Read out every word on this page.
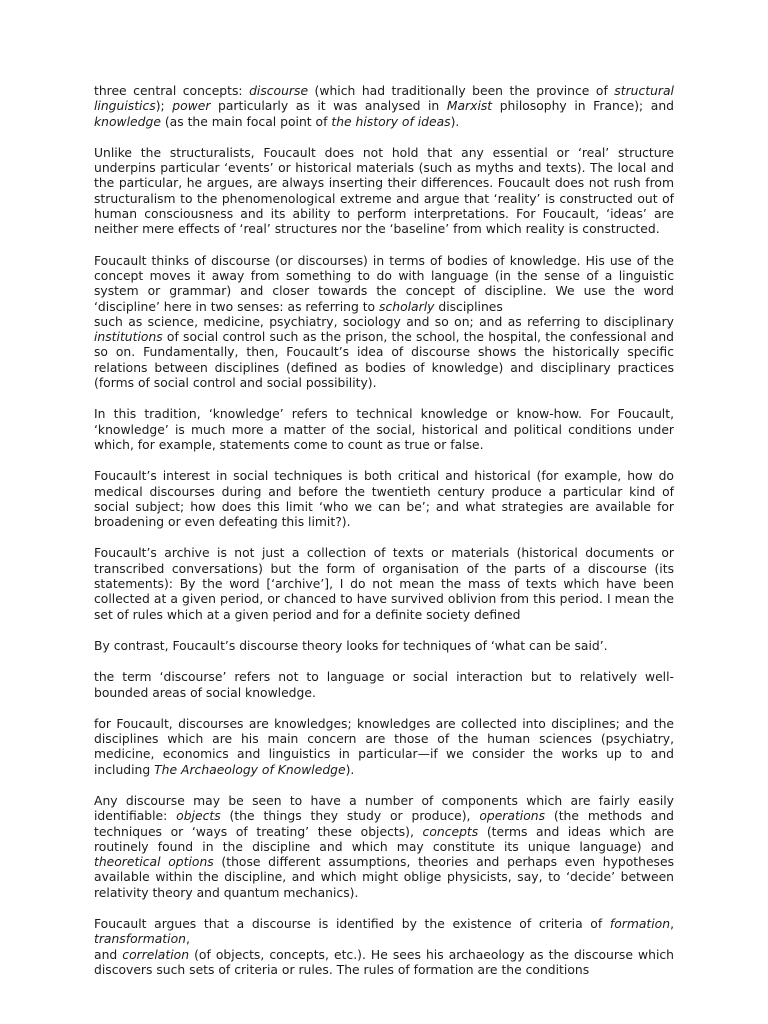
three central concepts: discourse (which had traditionally been the province of structural linguistics); power particularly as it was analysed in Marxist philosophy in France); and knowledge (as the main focal point of the history of ideas).

Unlike the structuralists, Foucault does not hold that any essential or ‘real’ structure underpins particular ‘events’ or historical materials (such as myths and texts). The local and the particular, he argues, are always inserting their differences. Foucault does not rush from structuralism to the phenomenological extreme and argue that ‘reality’ is constructed out of human consciousness and its ability to perform interpretations. For Foucault, ‘ideas’ are neither mere effects of ‘real’ structures nor the ‘baseline’ from which reality is constructed.

Foucault thinks of discourse (or discourses) in terms of bodies of knowledge. His use of the concept moves it away from something to do with language (in the sense of a linguistic system or grammar) and closer towards the concept of discipline. We use the word ‘discipline’ here in two senses: as referring to scholarly disciplines
such as science, medicine, psychiatry, sociology and so on; and as referring to disciplinary institutions of social control such as the prison, the school, the hospital, the confessional and so on. Fundamentally, then, Foucault’s idea of discourse shows the historically specific relations between disciplines (defined as bodies of knowledge) and disciplinary practices (forms of social control and social possibility).

In this tradition, ‘knowledge’ refers to technical knowledge or know-how. For Foucault, ‘knowledge’ is much more a matter of the social, historical and political conditions under which, for example, statements come to count as true or false.

Foucault’s interest in social techniques is both critical and historical (for example, how do medical discourses during and before the twentieth century produce a particular kind of social subject; how does this limit ‘who we can be’; and what strategies are available for broadening or even defeating this limit?).

Foucault’s archive is not just a collection of texts or materials (historical documents or transcribed conversations) but the form of organisation of the parts of a discourse (its statements): By the word [‘archive’], I do not mean the mass of texts which have been collected at a given period, or chanced to have survived oblivion from this period. I mean the set of rules which at a given period and for a definite society defined

By contrast, Foucault’s discourse theory looks for techniques of ‘what can be said’.

the term ‘discourse’ refers not to language or social interaction but to relatively well-bounded areas of social knowledge.

for Foucault, discourses are knowledges; knowledges are collected into disciplines; and the disciplines which are his main concern are those of the human sciences (psychiatry, medicine, economics and linguistics in particular—if we consider the works up to and including The Archaeology of Knowledge).

Any discourse may be seen to have a number of components which are fairly easily identifiable: objects (the things they study or produce), operations (the methods and techniques or ‘ways of treating’ these objects), concepts (terms and ideas which are routinely found in the discipline and which may constitute its unique language) and theoretical options (those different assumptions, theories and perhaps even hypotheses available within the discipline, and which might oblige physicists, say, to ‘decide’ between relativity theory and quantum mechanics).

Foucault argues that a discourse is identified by the existence of criteria of formation, transformation,
and correlation (of objects, concepts, etc.). He sees his archaeology as the discourse which discovers such sets of criteria or rules. The rules of formation are the conditions
